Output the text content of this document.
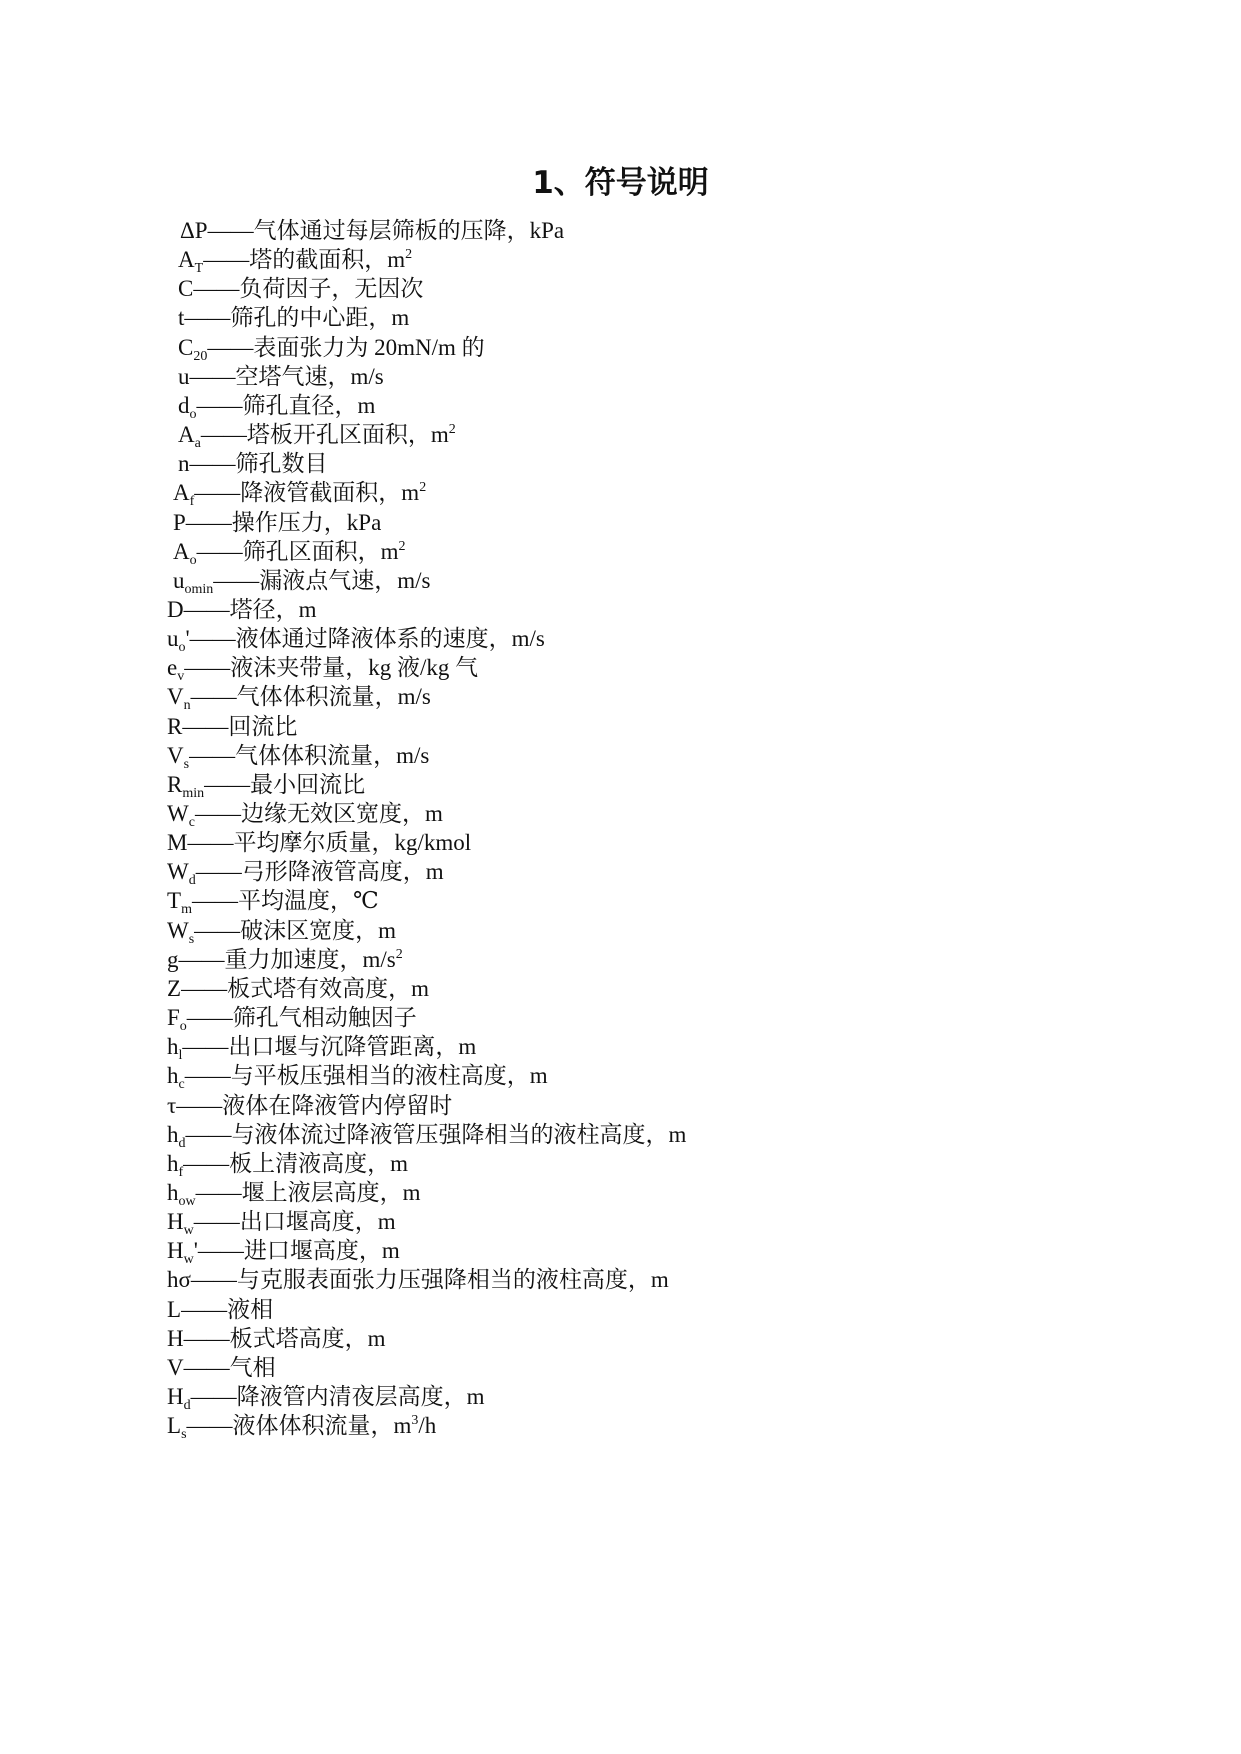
1、符号说明
ΔP——气体通过每层筛板的压降，kPa
$A_T——$塔的截面积，$m^2$
C——负荷因子，无因次
t——筛孔的中心距，m
$C_{20}——$表面张力为 20mN/m 的
u——空塔气速，m/s
$d_o——$筛孔直径，m
$A_a——$塔板开孔区面积，$m^2$
n——筛孔数目
$A_f——$降液管截面积，$m^2$
P——操作压力，kPa
$A_o——$筛孔区面积，$m^2$
$u_{omin}——$漏液点气速，m/s
D——塔径，m
$u_o'——$液体通过降液体系的速度，m/s
$e_v——$液沫夹带量，kg 液/kg 气
$V_n——$气体体积流量，m/s
R——回流比
$V_s——$气体体积流量，m/s
$R_{min}——$最小回流比
$W_c——$边缘无效区宽度，m
M——平均摩尔质量，kg/kmol
$W_d——$弓形降液管高度，m
$T_m——$平均温度，℃
$W_s——$破沫区宽度，m
g——重力加速度，$m/s^2$
Z——板式塔有效高度，m
$F_o——$筛孔气相动触因子
$h_l——$出口堰与沉降管距离，m
$h_c——$与平板压强相当的液柱高度，m
τ——液体在降液管内停留时
$h_d——$与液体流过降液管压强降相当的液柱高度，m
$h_f——$板上清液高度，m
$h_{ow}——$堰上液层高度，m
$H_w——$出口堰高度，m
$H_w'——$进口堰高度，m
hσ——与克服表面张力压强降相当的液柱高度，m
L——液相
H——板式塔高度，m
V——气相
$H_d——$降液管内清夜层高度，m
$L_s——$液体体积流量，$m^3/h$
